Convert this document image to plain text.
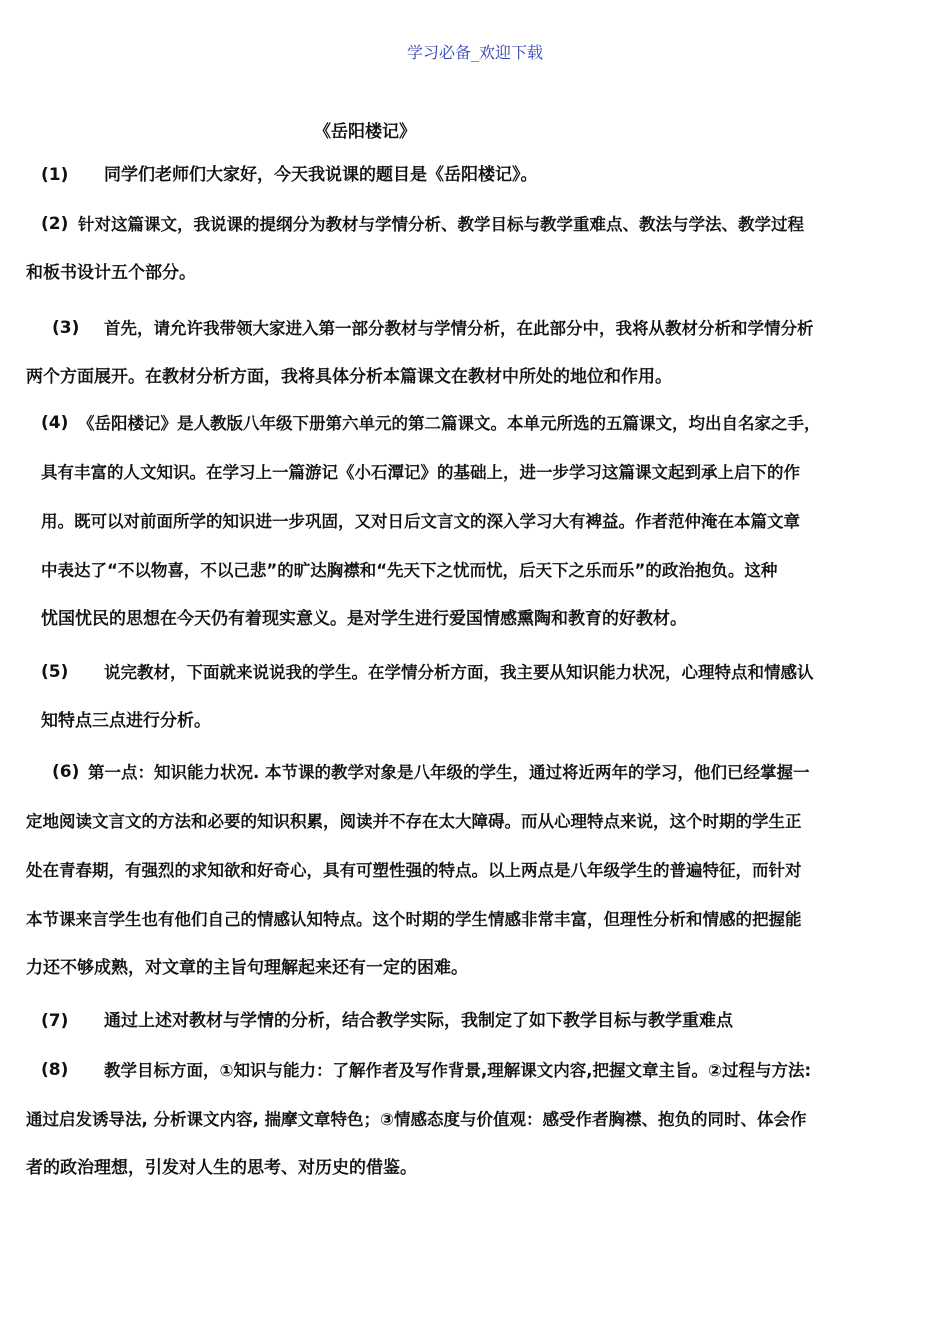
学习必备_欢迎下载
《岳阳楼记》
(1) 同学们老师们大家好，今天我说课的题目是《岳阳楼记》。
(2) 针对这篇课文，我说课的提纲分为教材与学情分析、教学目标与教学重难点、教法与学法、教学过程
和板书设计五个部分。
(3) 首先，请允许我带领大家进入第一部分教材与学情分析，在此部分中，我将从教材分析和学情分析
两个方面展开。在教材分析方面，我将具体分析本篇课文在教材中所处的地位和作用。
(4) 《岳阳楼记》是人教版八年级下册第六单元的第二篇课文。本单元所选的五篇课文，均出自名家之手，
具有丰富的人文知识。在学习上一篇游记《小石潭记》的基础上，进一步学习这篇课文起到承上启下的作
用。既可以对前面所学的知识进一步巩固，又对日后文言文的深入学习大有裨益。作者范仲淹在本篇文章
中表达了“不以物喜，不以己悲”的旷达胸襟和“先天下之忧而忧，后天下之乐而乐”的政治抱负。这种
忧国忧民的思想在今天仍有着现实意义。是对学生进行爱国情感熏陶和教育的好教材。
(5) 说完教材，下面就来说说我的学生。在学情分析方面，我主要从知识能力状况，心理特点和情感认
知特点三点进行分析。
(6) 第一点：知识能力状况. 本节课的教学对象是八年级的学生，通过将近两年的学习，他们已经掌握一
定地阅读文言文的方法和必要的知识积累，阅读并不存在太大障碍。而从心理特点来说，这个时期的学生正
处在青春期，有强烈的求知欲和好奇心，具有可塑性强的特点。以上两点是八年级学生的普遍特征，而针对
本节课来言学生也有他们自己的情感认知特点。这个时期的学生情感非常丰富，但理性分析和情感的把握能
力还不够成熟，对文章的主旨句理解起来还有一定的困难。
(7) 通过上述对教材与学情的分析，结合教学实际，我制定了如下教学目标与教学重难点
(8) 教学目标方面，①知识与能力：了解作者及写作背景,理解课文内容,把握文章主旨。②过程与方法:
通过启发诱导法, 分析课文内容, 揣摩文章特色；③情感态度与价值观：感受作者胸襟、抱负的同时、体会作
者的政治理想，引发对人生的思考、对历史的借鉴。
